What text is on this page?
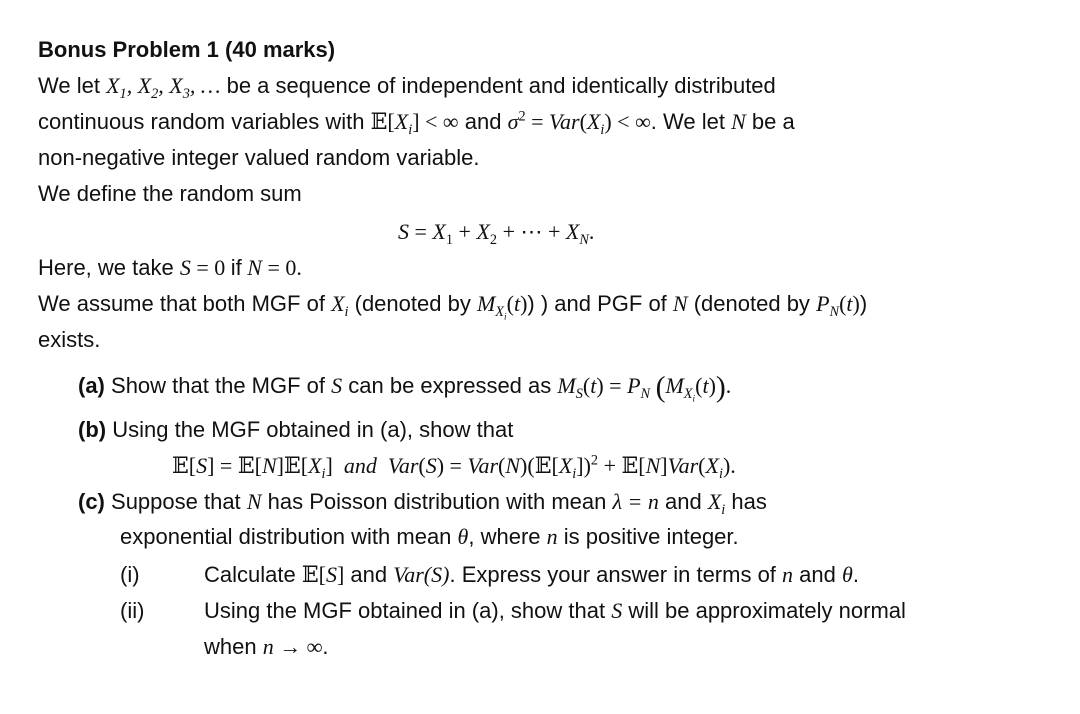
Bonus Problem 1 (40 marks)
We let $X_1$, $X_2$, $X_3$, … be a sequence of independent and identically distributed
continuous random variables with $𝔼[X_i]$ < ∞ and $\sigma^2 = Var(X_i)$ < ∞. We let N be a
non-negative integer valued random variable.
We define the random sum
$S = X_1 + X_2$ + ⋯ + $X_N$.
Here, we take S = 0 if N = 0.
We assume that both MGF of $X_i$ (denoted by $M_{X_i}(t)$) ) and PGF of N (denoted by $P_N(t)$)
exists.
(a) Show that the MGF of S can be expressed as $M_S(t) = P_N$ $(M_{X_i}(t))$.
(b) Using the MGF obtained in (a), show that
𝔼[S] = $𝔼[N]𝔼[X_i]$  and $Var(S) = Var(N)(𝔼[X_i])^2$ + $𝔼[N]Var(X_i)$.
(c) Suppose that N has Poisson distribution with mean λ = n and $X_i$ has
exponential distribution with mean θ, where n is positive integer.
(i)	Calculate 𝔼[S] and Var(S). Express your answer in terms of n and θ.
(ii)	Using the MGF obtained in (a), show that S will be approximately normal
when n → ∞.
